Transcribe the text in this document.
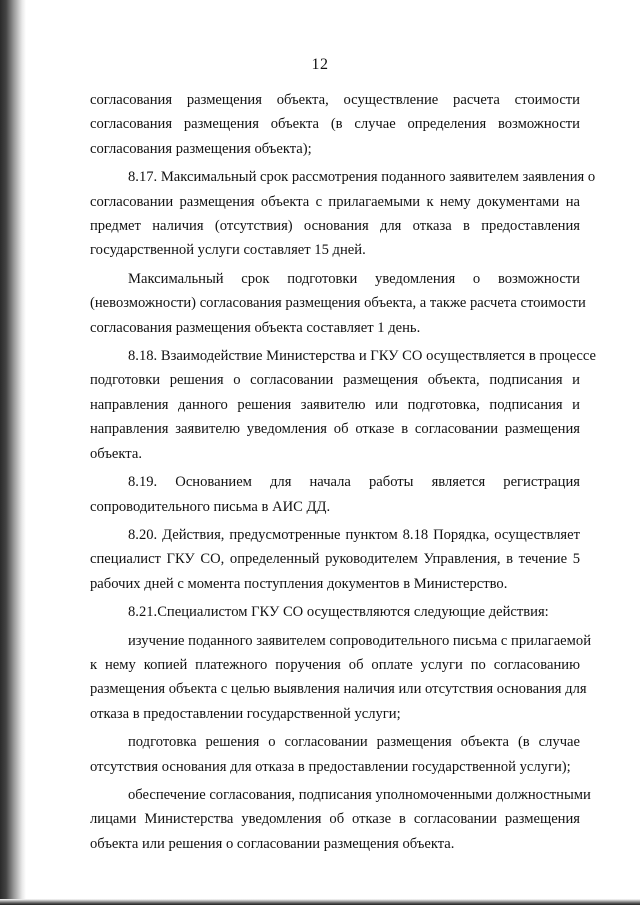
12
согласования размещения объекта, осуществление расчета стоимости
согласования размещения объекта (в случае определения возможности
согласования размещения объекта);
8.17. Максимальный срок рассмотрения поданного заявителем заявления о
согласовании размещения объекта с прилагаемыми к нему документами на
предмет наличия (отсутствия) основания для отказа в предоставления
государственной услуги составляет 15 дней.
Максимальный срок подготовки уведомления о возможности
(невозможности) согласования размещения объекта, а также расчета стоимости
согласования размещения объекта составляет 1 день.
8.18. Взаимодействие Министерства и ГКУ СО осуществляется в процессе
подготовки решения о согласовании размещения объекта, подписания и
направления данного решения заявителю или подготовка, подписания и
направления заявителю уведомления об отказе в согласовании размещения
объекта.
8.19. Основанием для начала работы является регистрация
сопроводительного письма в АИС ДД.
8.20. Действия, предусмотренные пунктом 8.18 Порядка, осуществляет
специалист ГКУ СО, определенный руководителем Управления, в течение 5
рабочих дней с момента поступления документов в Министерство.
8.21.Специалистом ГКУ СО осуществляются следующие действия:
изучение поданного заявителем сопроводительного письма с прилагаемой
к нему копией платежного поручения об оплате услуги по согласованию
размещения объекта с целью выявления наличия или отсутствия основания для
отказа в предоставлении государственной услуги;
подготовка решения о согласовании размещения объекта (в случае
отсутствия основания для отказа в предоставлении государственной услуги);
обеспечение согласования, подписания уполномоченными должностными
лицами Министерства уведомления об отказе в согласовании размещения
объекта или решения о согласовании размещения объекта.
